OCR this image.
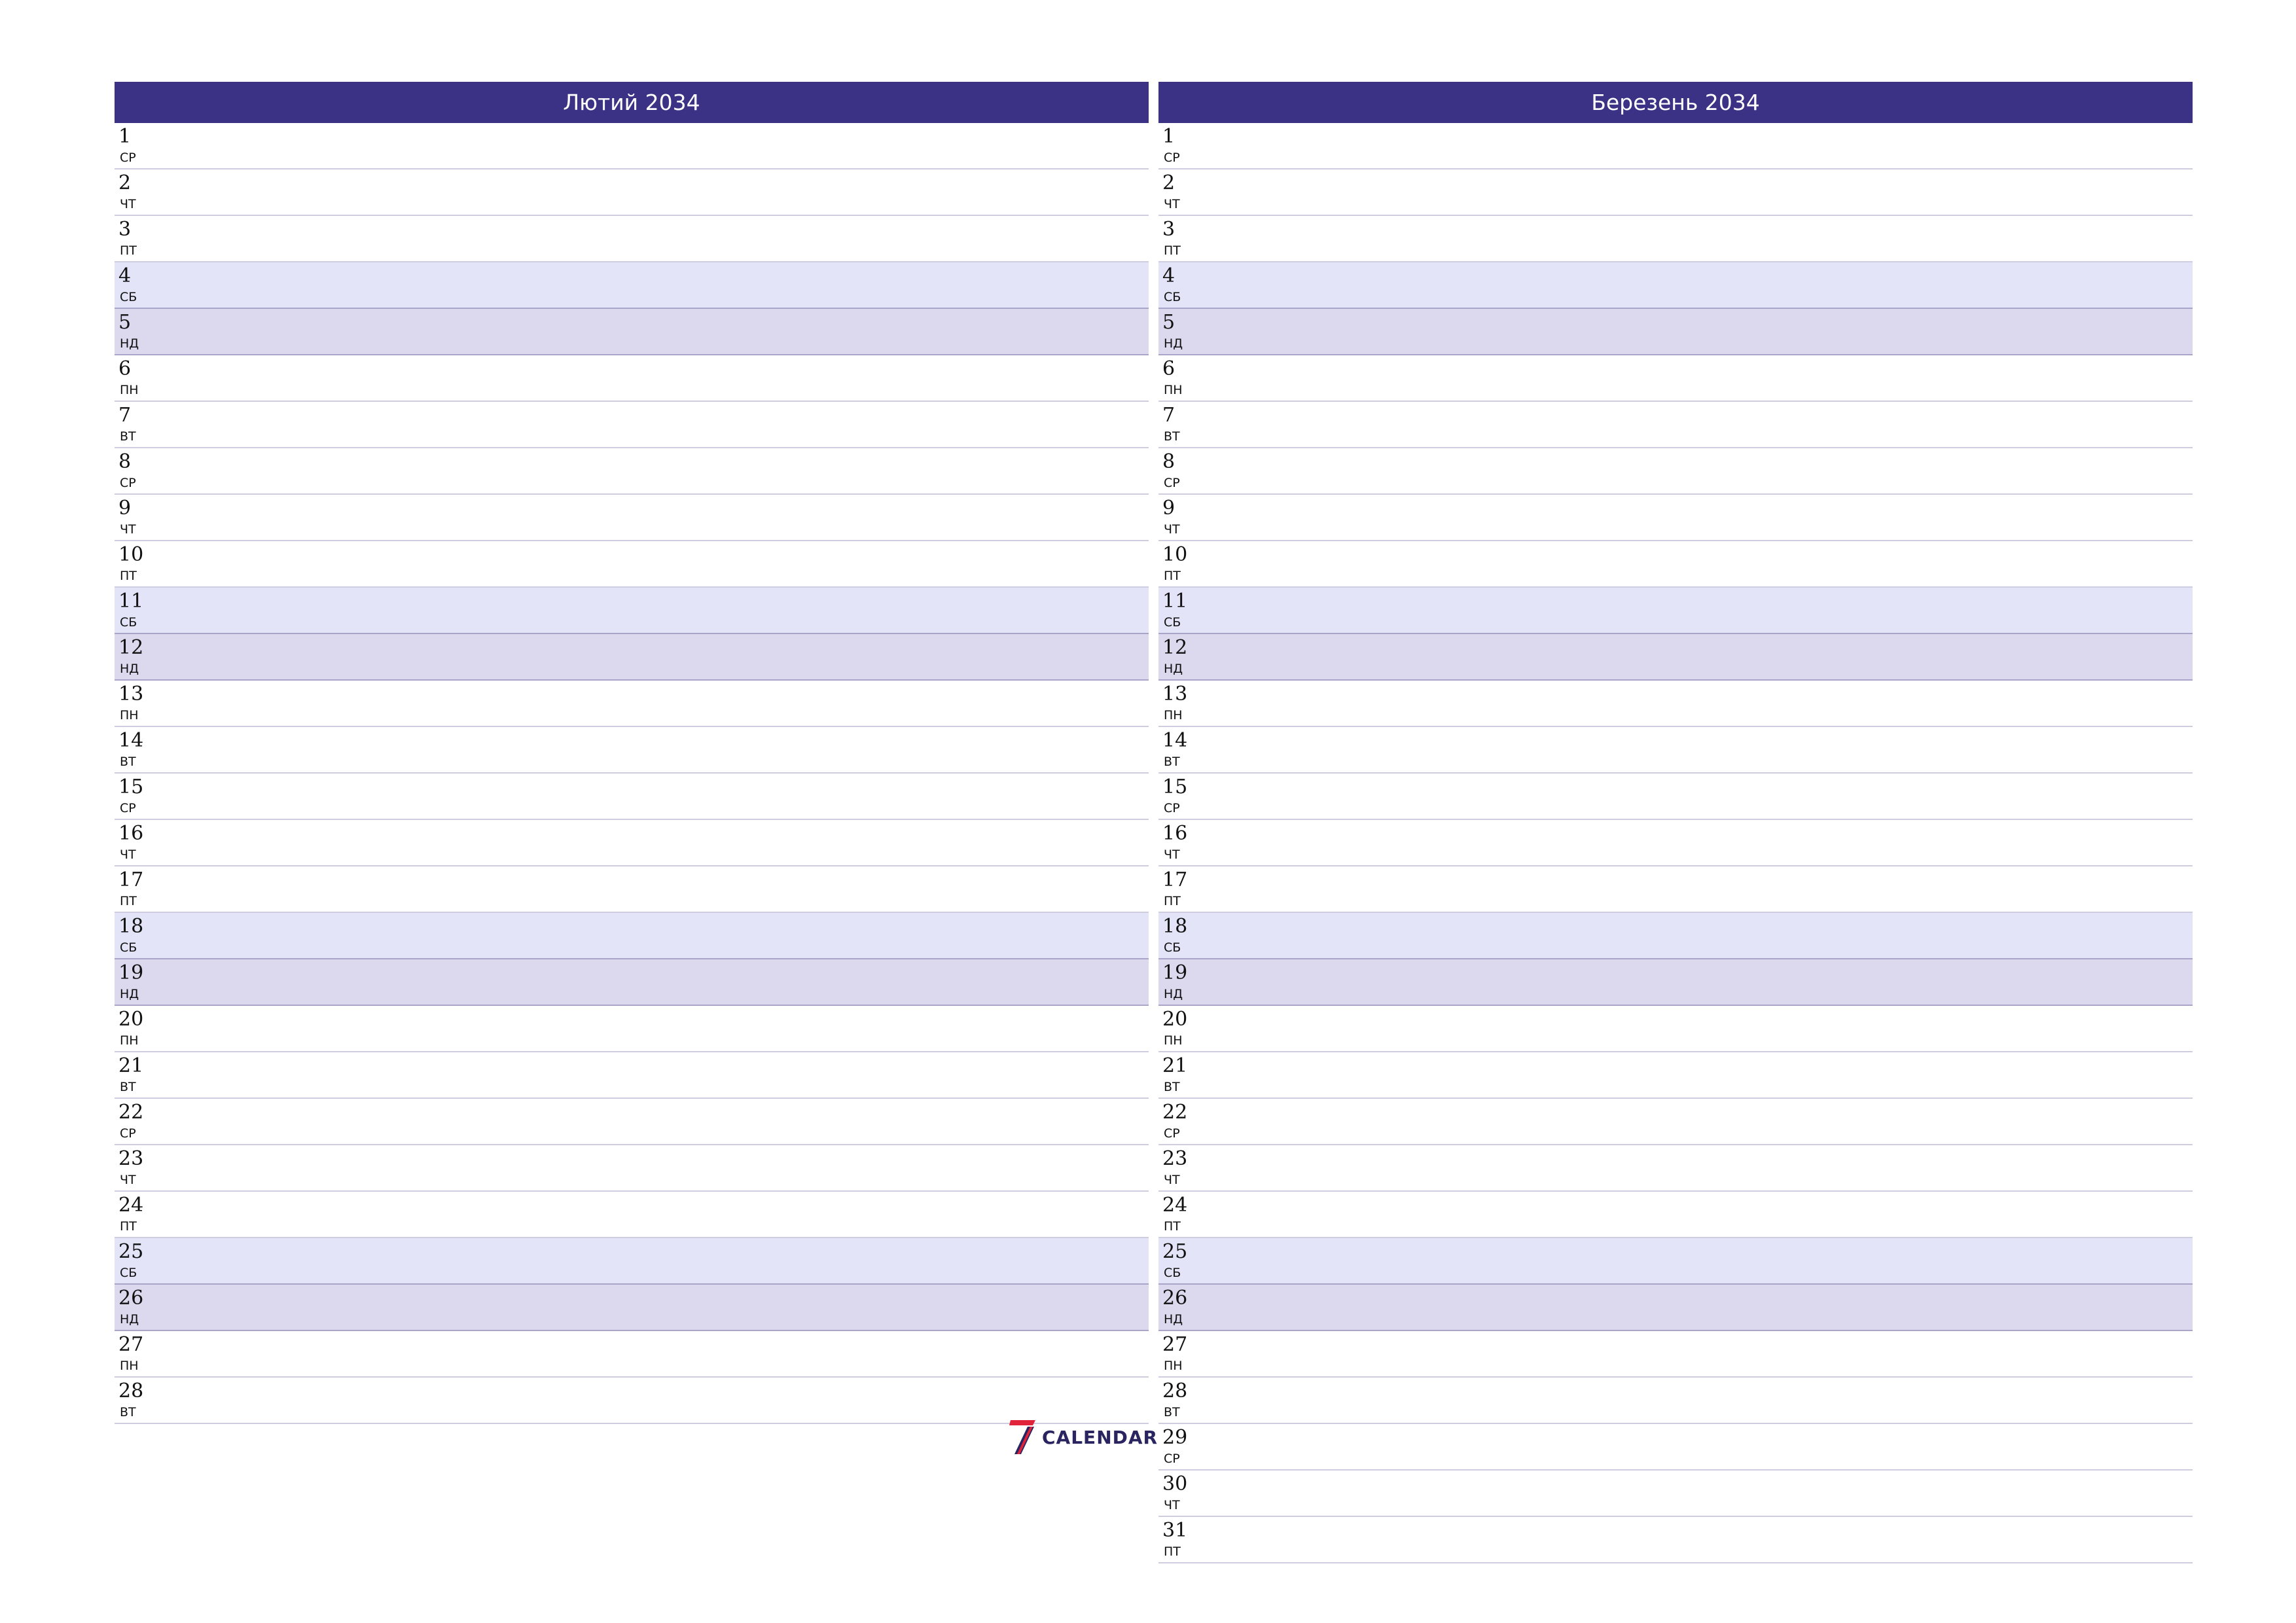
Лютий 2034
1
СР
2
ЧТ
3
ПТ
4
СБ
5
НД
6
ПН
7
ВТ
8
СР
9
ЧТ
10
ПТ
11
СБ
12
НД
13
ПН
14
ВТ
15
СР
16
ЧТ
17
ПТ
18
СБ
19
НД
20
ПН
21
ВТ
22
СР
23
ЧТ
24
ПТ
25
СБ
26
НД
27
ПН
28
ВТ
Березень 2034
1
СР
2
ЧТ
3
ПТ
4
СБ
5
НД
6
ПН
7
ВТ
8
СР
9
ЧТ
10
ПТ
11
СБ
12
НД
13
ПН
14
ВТ
15
СР
16
ЧТ
17
ПТ
18
СБ
19
НД
20
ПН
21
ВТ
22
СР
23
ЧТ
24
ПТ
25
СБ
26
НД
27
ПН
28
ВТ
29
СР
30
ЧТ
31
ПТ
CALENDAR
